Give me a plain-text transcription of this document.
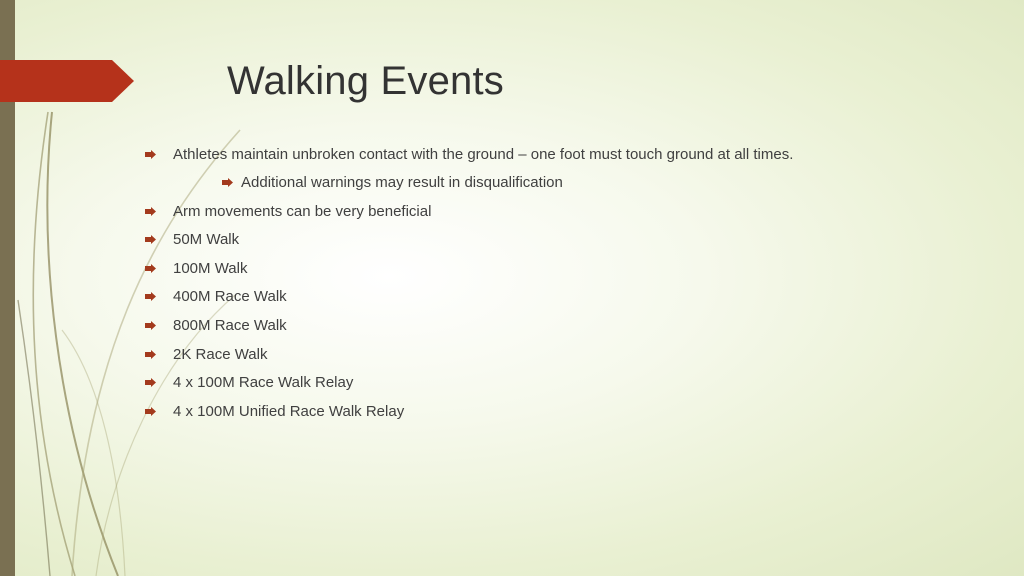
Walking Events
Athletes maintain unbroken contact with the ground – one foot must touch ground at all times.
Additional warnings may result in disqualification
Arm movements can be very beneficial
50M Walk
100M Walk
400M Race Walk
800M Race Walk
2K Race Walk
4 x 100M Race Walk Relay
4 x 100M Unified Race Walk Relay
